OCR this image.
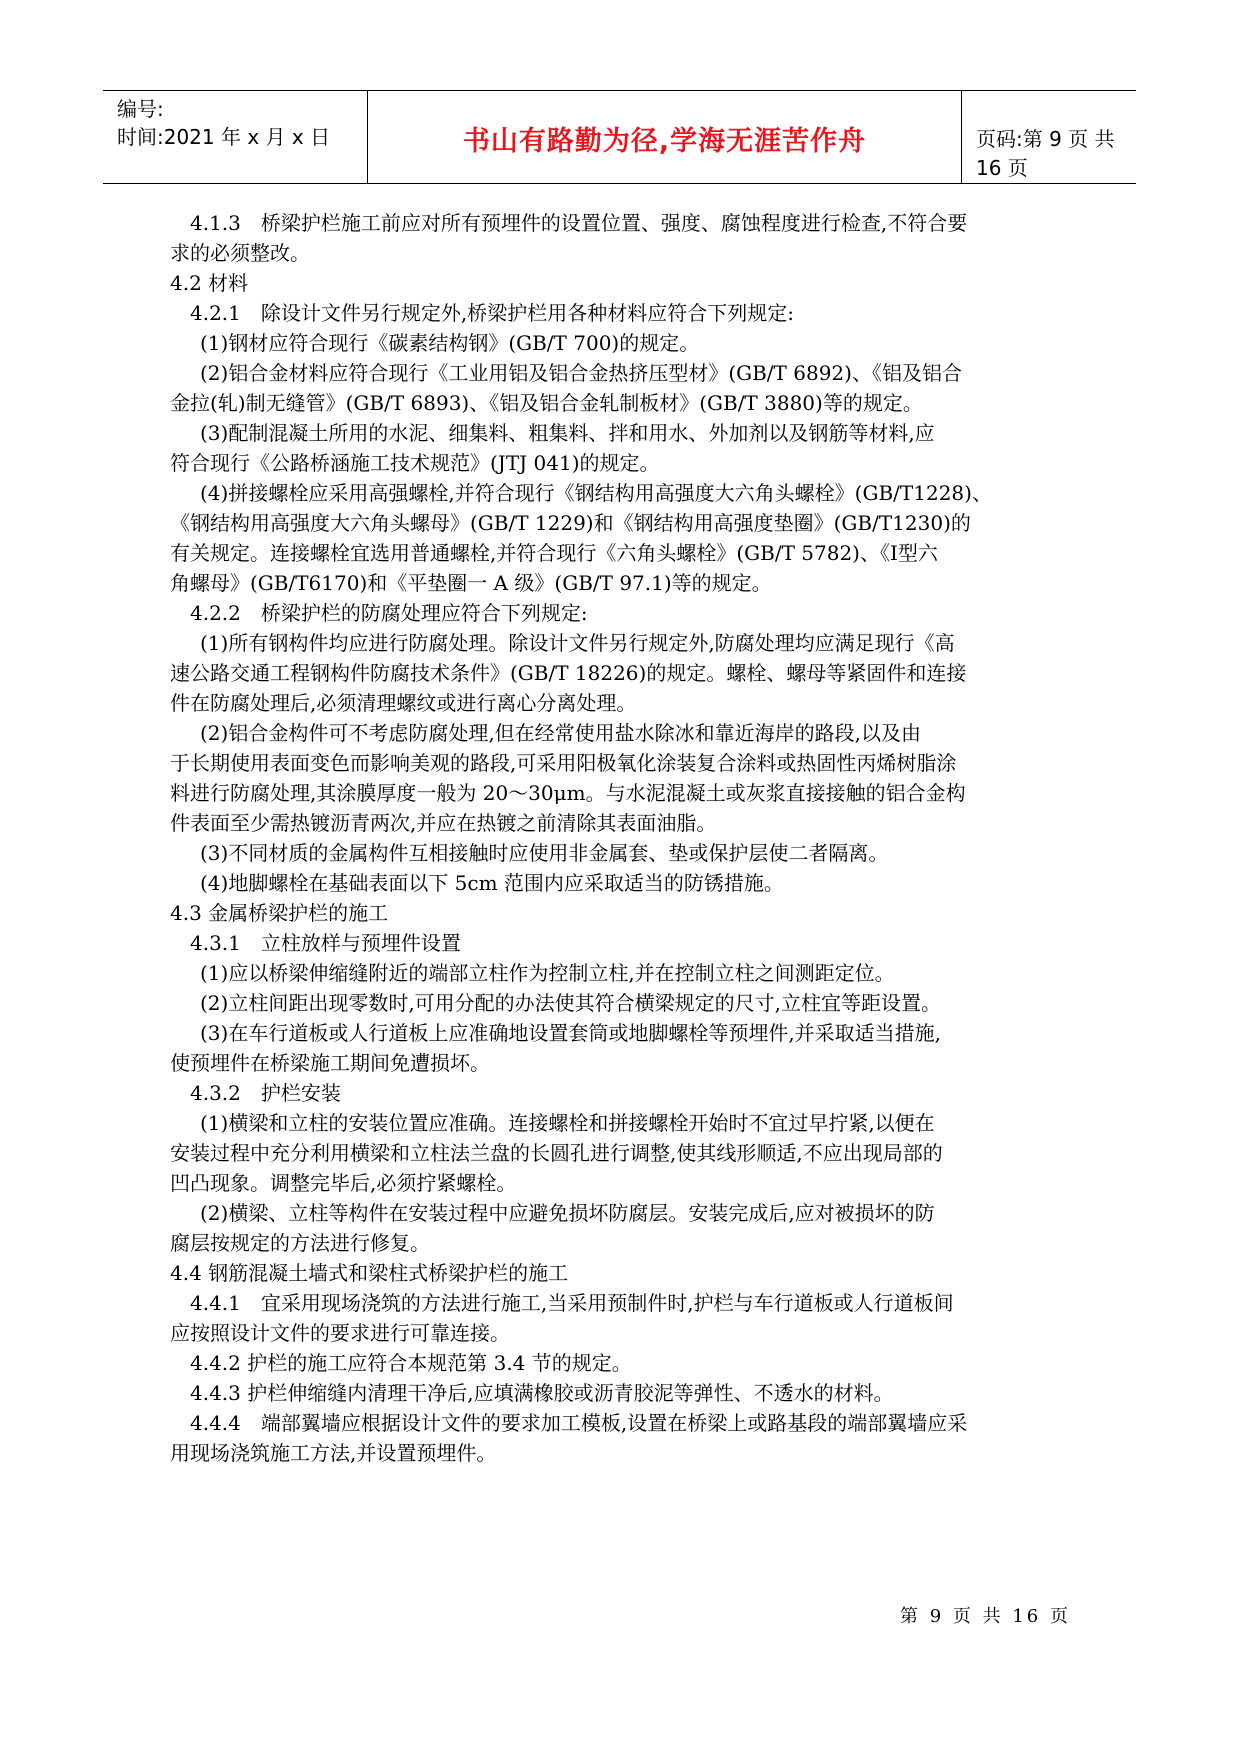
编号:
时间:2021 年 x 月 x 日	书山有路勤为径,学海无涯苦作舟	页码:第 9 页 共 16 页
4.1.3　桥梁护栏施工前应对所有预埋件的设置位置、强度、腐蚀程度进行检查,不符合要
求的必须整改。
4.2 材料
4.2.1　除设计文件另行规定外,桥梁护栏用各种材料应符合下列规定:
(1)钢材应符合现行《碳素结构钢》(GB/T 700)的规定。
(2)铝合金材料应符合现行《工业用铝及铝合金热挤压型材》(GB/T 6892)、《铝及铝合
金拉(轧)制无缝管》(GB/T 6893)、《铝及铝合金轧制板材》(GB/T 3880)等的规定。
(3)配制混凝土所用的水泥、细集料、粗集料、拌和用水、外加剂以及钢筋等材料,应
符合现行《公路桥涵施工技术规范》(JTJ 041)的规定。
(4)拼接螺栓应采用高强螺栓,并符合现行《钢结构用高强度大六角头螺栓》(GB/T1228)、
《钢结构用高强度大六角头螺母》(GB/T 1229)和《钢结构用高强度垫圈》(GB/T1230)的
有关规定。连接螺栓宜选用普通螺栓,并符合现行《六角头螺栓》(GB/T 5782)、《Ⅰ型六
角螺母》(GB/T6170)和《平垫圈一 A 级》(GB/T 97.1)等的规定。
4.2.2　桥梁护栏的防腐处理应符合下列规定:
(1)所有钢构件均应进行防腐处理。除设计文件另行规定外,防腐处理均应满足现行《高
速公路交通工程钢构件防腐技术条件》(GB/T 18226)的规定。螺栓、螺母等紧固件和连接
件在防腐处理后,必须清理螺纹或进行离心分离处理。
(2)铝合金构件可不考虑防腐处理,但在经常使用盐水除冰和靠近海岸的路段,以及由
于长期使用表面变色而影响美观的路段,可采用阳极氧化涂装复合涂料或热固性丙烯树脂涂
料进行防腐处理,其涂膜厚度一般为 20～30μm。与水泥混凝土或灰浆直接接触的铝合金构
件表面至少需热镀沥青两次,并应在热镀之前清除其表面油脂。
(3)不同材质的金属构件互相接触时应使用非金属套、垫或保护层使二者隔离。
(4)地脚螺栓在基础表面以下 5cm 范围内应采取适当的防锈措施。
4.3 金属桥梁护栏的施工
4.3.1　立柱放样与预埋件设置
(1)应以桥梁伸缩缝附近的端部立柱作为控制立柱,并在控制立柱之间测距定位。
(2)立柱间距出现零数时,可用分配的办法使其符合横梁规定的尺寸,立柱宜等距设置。
(3)在车行道板或人行道板上应准确地设置套筒或地脚螺栓等预埋件,并采取适当措施,
使预埋件在桥梁施工期间免遭损坏。
4.3.2　护栏安装
(1)横梁和立柱的安装位置应准确。连接螺栓和拼接螺栓开始时不宜过早拧紧,以便在
安装过程中充分利用横梁和立柱法兰盘的长圆孔进行调整,使其线形顺适,不应出现局部的
凹凸现象。调整完毕后,必须拧紧螺栓。
(2)横梁、立柱等构件在安装过程中应避免损坏防腐层。安装完成后,应对被损坏的防
腐层按规定的方法进行修复。
4.4 钢筋混凝土墙式和梁柱式桥梁护栏的施工
4.4.1　宜采用现场浇筑的方法进行施工,当采用预制件时,护栏与车行道板或人行道板间
应按照设计文件的要求进行可靠连接。
4.4.2 护栏的施工应符合本规范第 3.4 节的规定。
4.4.3 护栏伸缩缝内清理干净后,应填满橡胶或沥青胶泥等弹性、不透水的材料。
4.4.4　端部翼墙应根据设计文件的要求加工模板,设置在桥梁上或路基段的端部翼墙应采
用现场浇筑施工方法,并设置预埋件。
第 9 页 共 16 页
